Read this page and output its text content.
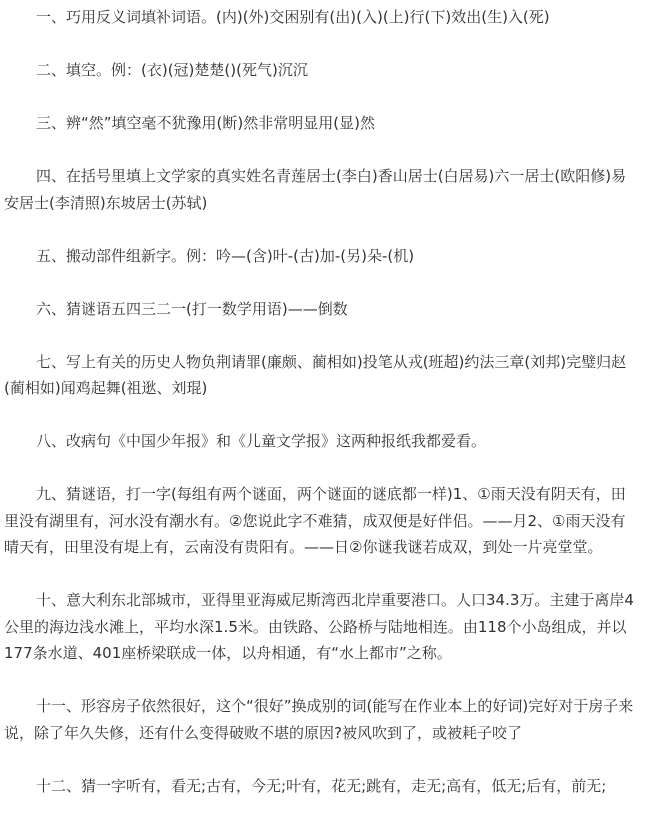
一、巧用反义词填补词语。(内)(外)交困别有(出)(入)(上)行(下)效出(生)入(死)

二、填空。例：(衣)(冠)楚楚()(死气)沉沉

三、辨“然”填空毫不犹豫用(断)然非常明显用(显)然

四、在括号里填上文学家的真实姓名青莲居士(李白)香山居士(白居易)六一居士(欧阳修)易安居士(李清照)东坡居士(苏轼)

五、搬动部件组新字。例：吟—(含)叶-(古)加-(另)朵-(机)

六、猜谜语五四三二一(打一数学用语)——倒数

七、写上有关的历史人物负荆请罪(廉颇、蔺相如)投笔从戎(班超)约法三章(刘邦)完璧归赵(蔺相如)闻鸡起舞(祖逖、刘琨)

八、改病句《中国少年报》和《儿童文学报》这两种报纸我都爱看。

九、猜谜语，打一字(每组有两个谜面，两个谜面的谜底都一样)1、①雨天没有阴天有，田里没有湖里有，河水没有潮水有。②您说此字不难猜，成双便是好伴侣。——月2、①雨天没有晴天有，田里没有堤上有，云南没有贵阳有。——日②你谜我谜若成双，到处一片亮堂堂。

十、意大利东北部城市，亚得里亚海威尼斯湾西北岸重要港口。人口34.3万。主建于离岸4公里的海边浅水滩上，平均水深1.5米。由铁路、公路桥与陆地相连。由118个小岛组成，并以177条水道、401座桥梁联成一体，以舟相通，有“水上都市”之称。

十一、形容房子依然很好，这个“很好”换成别的词(能写在作业本上的好词)完好对于房子来说，除了年久失修，还有什么变得破败不堪的原因?被风吹到了，或被耗子咬了

十二、猜一字听有，看无;古有，今无;叶有，花无;跳有，走无;高有，低无;后有，前无;
